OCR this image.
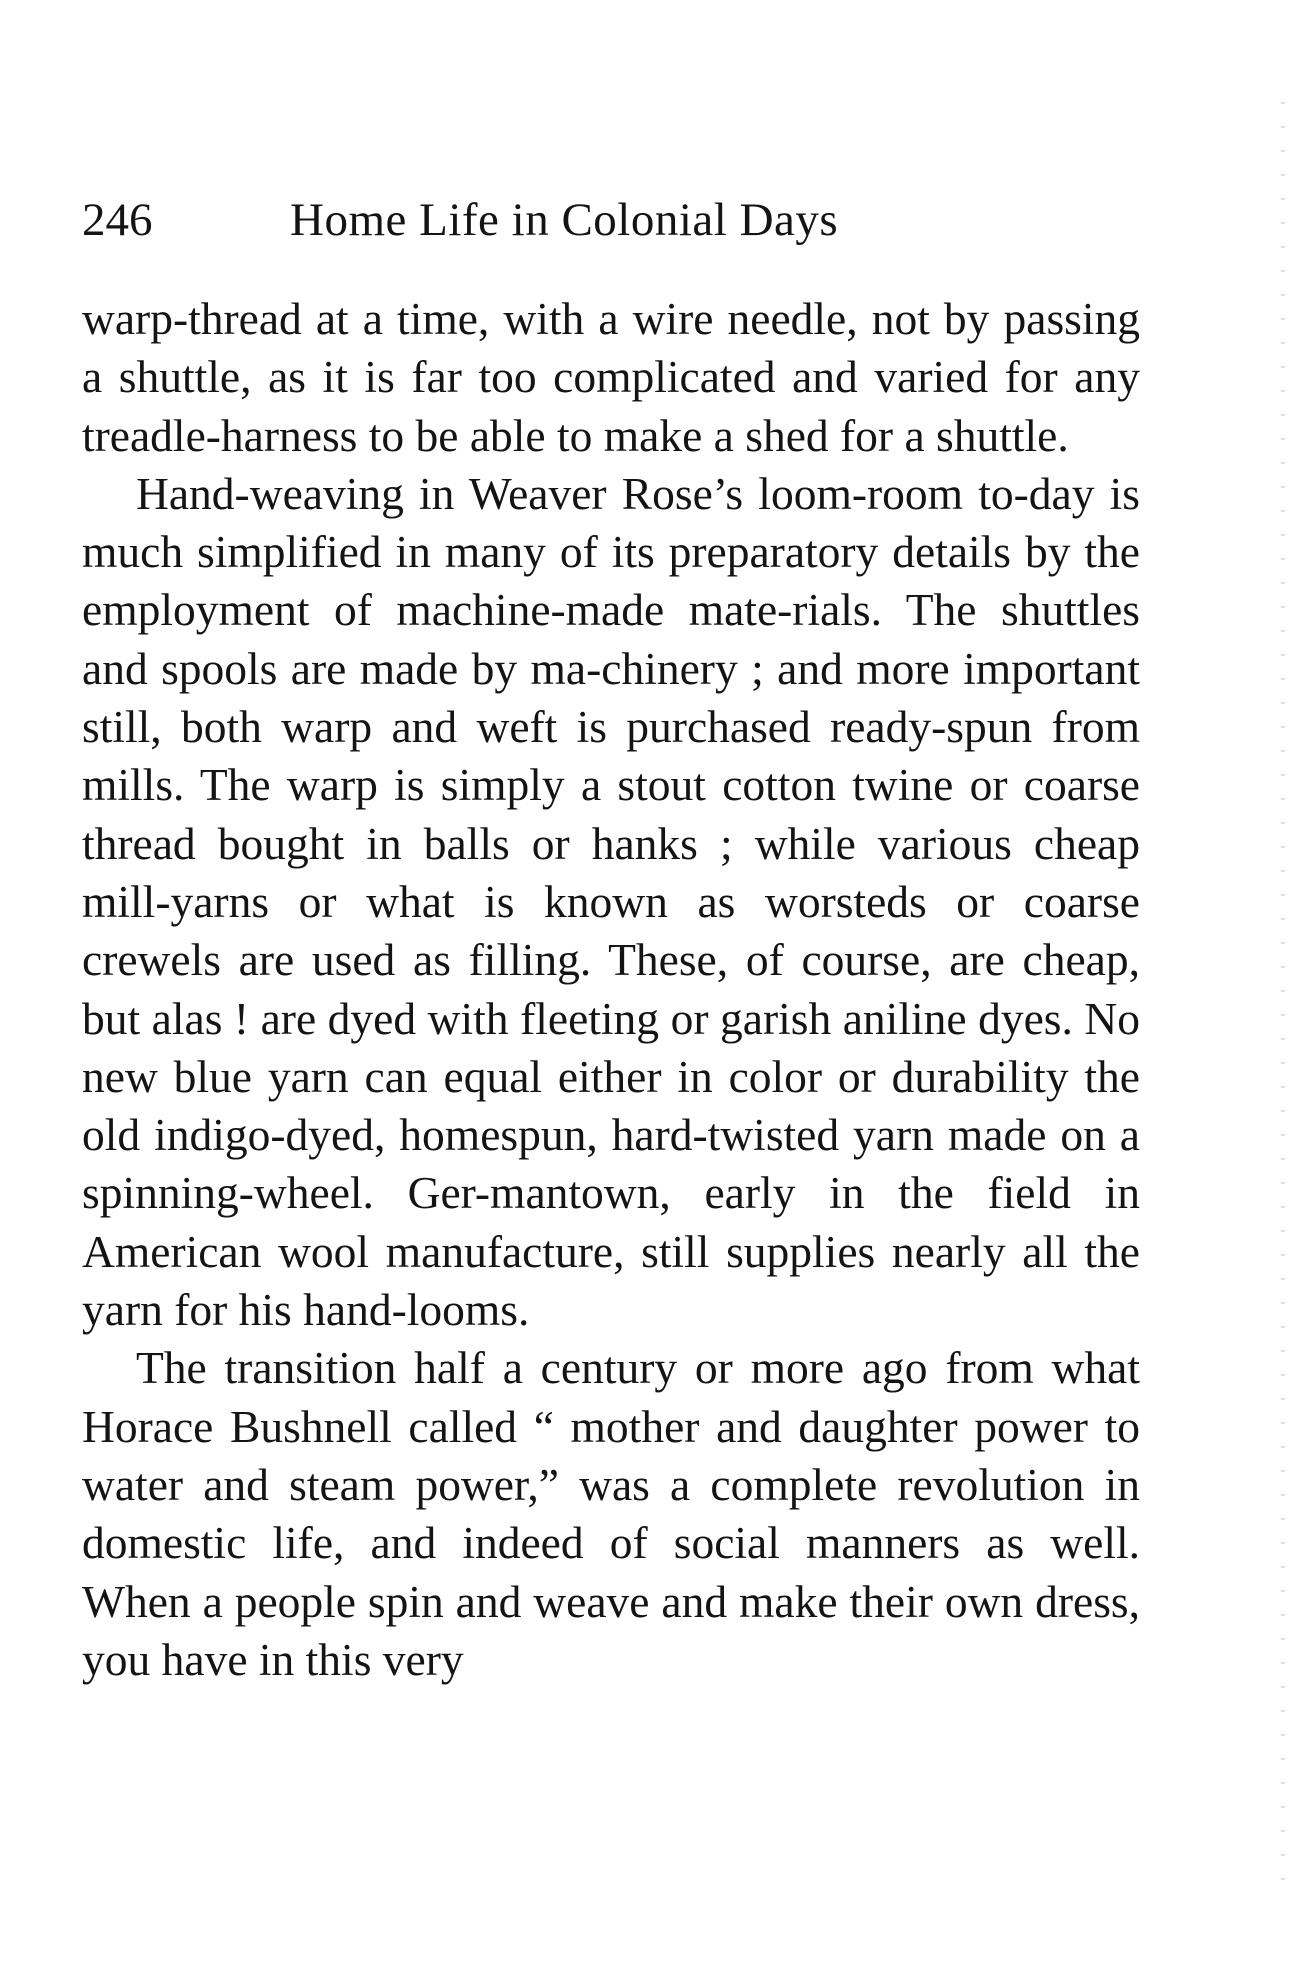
246	Home Life in Colonial Days

warp-thread at a time, with a wire needle, not by passing a shuttle, as it is far too complicated and varied for any treadle-harness to be able to make a shed for a shuttle.

Hand-weaving in Weaver Rose’s loom-room to-day is much simplified in many of its preparatory details by the employment of machine-made mate-rials. The shuttles and spools are made by ma-chinery ; and more important still, both warp and weft is purchased ready-spun from mills. The warp is simply a stout cotton twine or coarse thread bought in balls or hanks ; while various cheap mill-yarns or what is known as worsteds or coarse crewels are used as filling. These, of course, are cheap, but alas ! are dyed with fleeting or garish aniline dyes. No new blue yarn can equal either in color or durability the old indigo-dyed, homespun, hard-twisted yarn made on a spinning-wheel. Ger-mantown, early in the field in American wool manufacture, still supplies nearly all the yarn for his hand-looms.

The transition half a century or more ago from what Horace Bushnell called “ mother and daughter power to water and steam power,” was a complete revolution in domestic life, and indeed of social manners as well. When a people spin and weave and make their own dress, you have in this very
